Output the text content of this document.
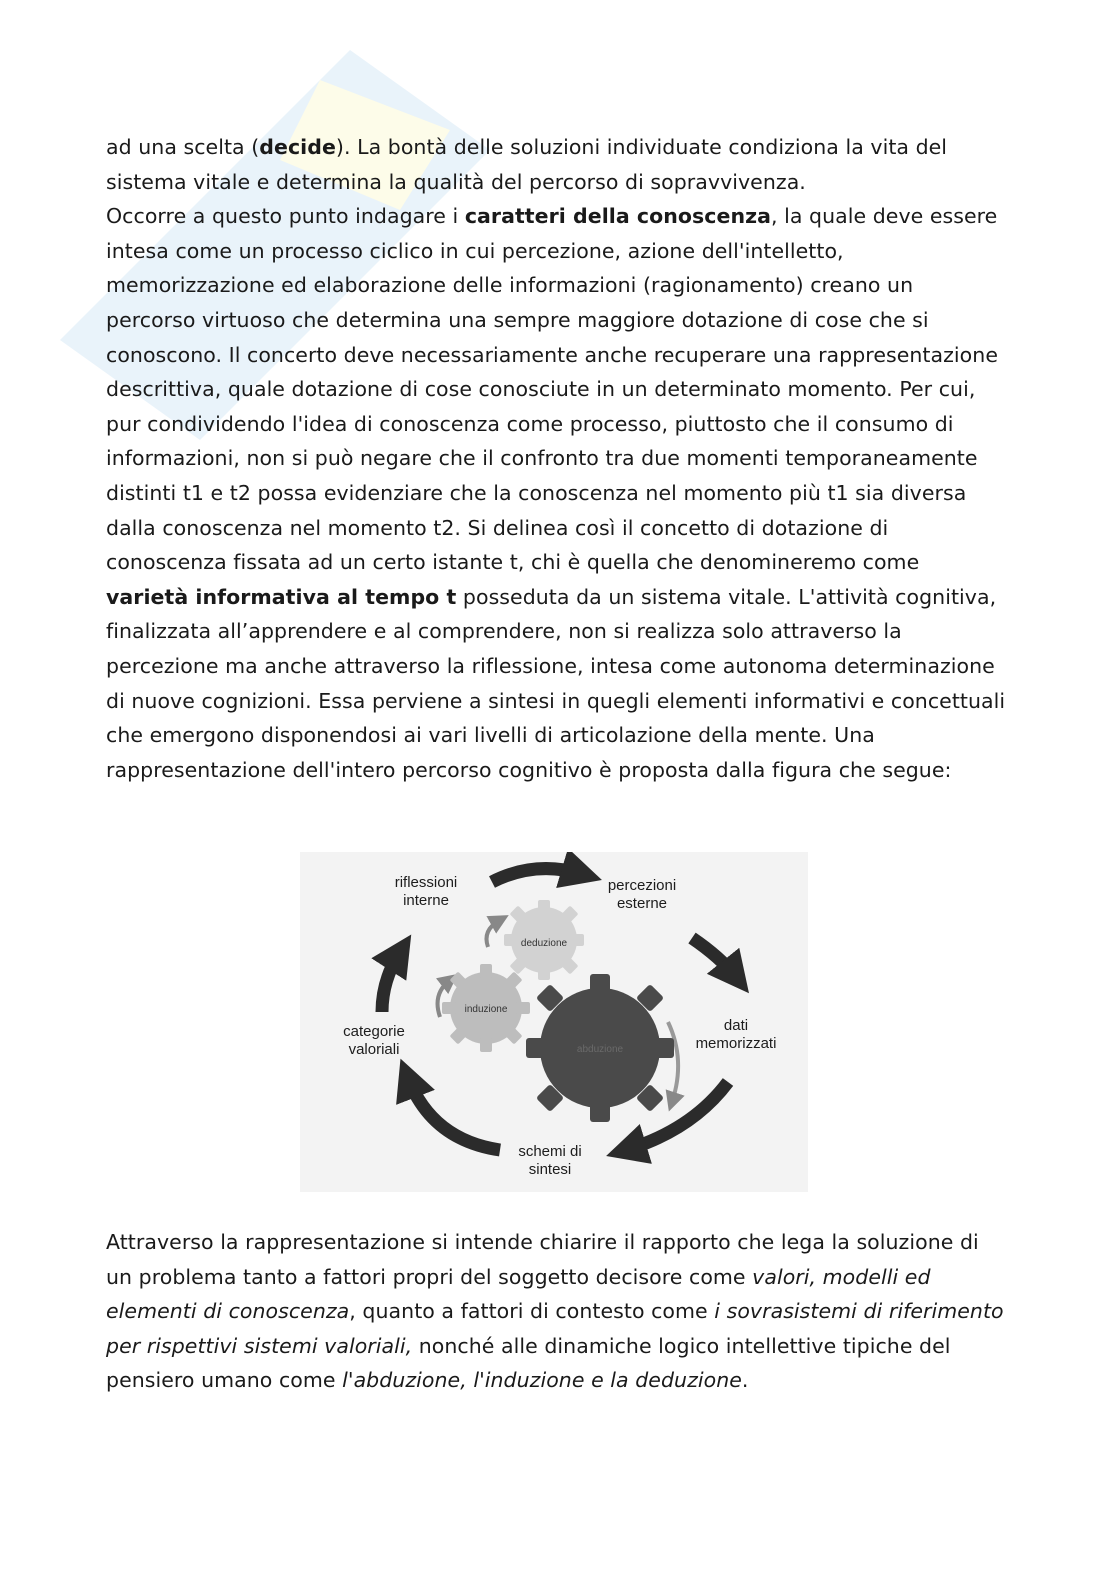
ad una scelta (decide). La bontà delle soluzioni individuate condiziona la vita del sistema vitale e determina la qualità del percorso di sopravvivenza.

Occorre a questo punto indagare i caratteri della conoscenza, la quale deve essere intesa come un processo ciclico in cui percezione, azione dell'intelletto, memorizzazione ed elaborazione delle informazioni (ragionamento) creano un percorso virtuoso che determina una sempre maggiore dotazione di cose che si conoscono. Il concerto deve necessariamente anche recuperare una rappresentazione descrittiva, quale dotazione di cose conosciute in un determinato momento. Per cui, pur condividendo l'idea di conoscenza come processo, piuttosto che il consumo di informazioni, non si può negare che il confronto tra due momenti temporaneamente distinti t1 e t2 possa evidenziare che la conoscenza nel momento più t1 sia diversa dalla conoscenza nel momento t2. Si delinea così il concetto di dotazione di conoscenza fissata ad un certo istante t, chi è quella che denomineremo come varietà informativa al tempo t posseduta da un sistema vitale. L'attività cognitiva, finalizzata all’apprendere e al comprendere, non si realizza solo attraverso la percezione ma anche attraverso la riflessione, intesa come autonoma determinazione di nuove cognizioni. Essa perviene a sintesi in quegli elementi informativi e concettuali che emergono disponendosi ai vari livelli di articolazione della mente. Una rappresentazione dell'intero percorso cognitivo è proposta dalla figura che segue:

deduzione
induzione
abduzione
riflessioni
interne
percezioni
esterne
dati
memorizzati
schemi di
sintesi
categorie
valoriali

Attraverso la rappresentazione si intende chiarire il rapporto che lega la soluzione di un problema tanto a fattori propri del soggetto decisore come valori, modelli ed elementi di conoscenza, quanto a fattori di contesto come i sovrasistemi di riferimento per rispettivi sistemi valoriali, nonché alle dinamiche logico intellettive tipiche del pensiero umano come l'abduzione, l'induzione e la deduzione.
